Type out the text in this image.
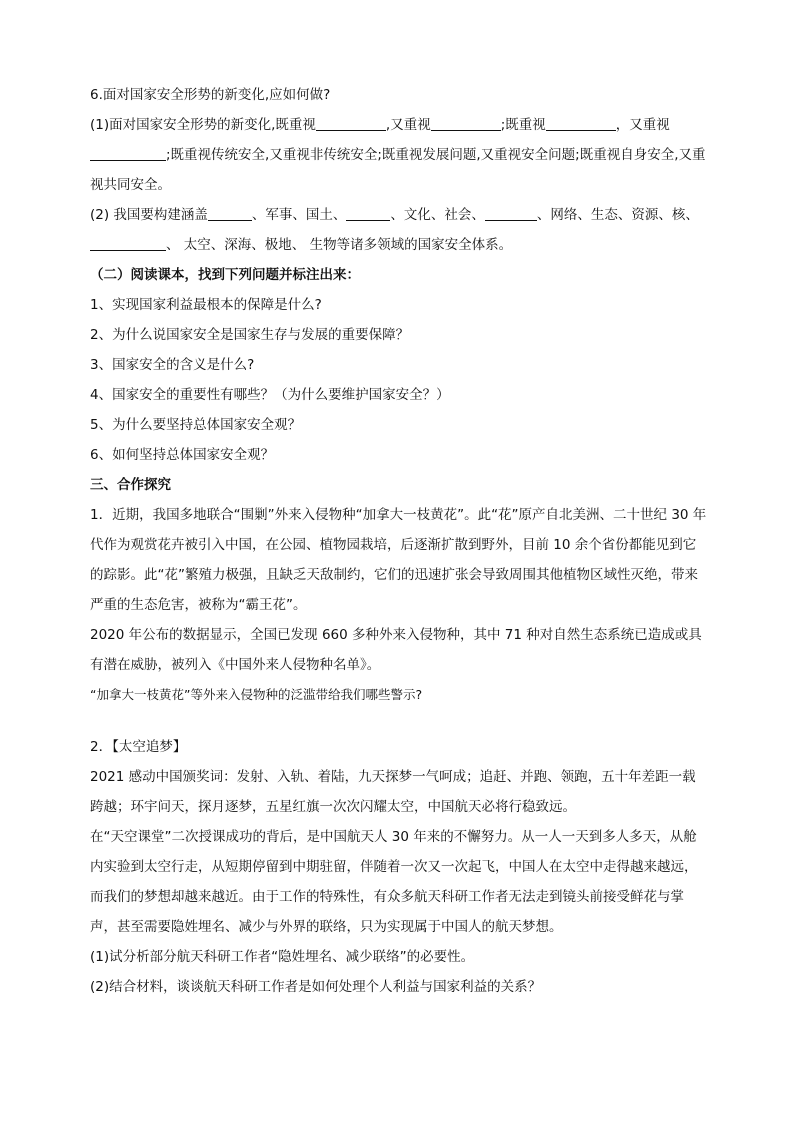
6.面对国家安全形势的新变化,应如何做?

(1)面对国家安全形势的新变化,既重视	,又重视	;既重视	，又重视;既重视传统安全,又重视非传统安全;既重视发展问题,又重视安全问题;既重视自身安全,又重视共同安全。

(2) 我国要构建涵盖	、军事、国土、	、文化、社会、	、网络、生态、资源、核、、 太空、深海、极地、 生物等诸多领域的国家安全体系。

（二）阅读课本，找到下列问题并标注出来：

1、实现国家利益最根本的保障是什么?

2、为什么说国家安全是国家生存与发展的重要保障？

3、国家安全的含义是什么?

4、国家安全的重要性有哪些？（为什么要维护国家安全？）

5、为什么要坚持总体国家安全观？

6、如何坚持总体国家安全观？

三、合作探究

1．近期，我国多地联合“围剿”外来入侵物种“加拿大一枝黄花”。此“花”原产自北美洲、二十世纪 30 年代作为观赏花卉被引入中国，在公园、植物园栽培，后逐渐扩散到野外，目前 10 余个省份都能见到它的踪影。此“花”繁殖力极强，且缺乏天敌制约，它们的迅速扩张会导致周围其他植物区域性灭绝，带来严重的生态危害，被称为“霸王花”。

2020 年公布的数据显示，全国已发现 660 多种外来入侵物种，其中 71 种对自然生态系统已造成或具有潜在威胁，被列入《中国外来人侵物种名单》。

“加拿大一枝黄花”等外来入侵物种的泛滥带给我们哪些警示?

2．【太空追梦】

2021 感动中国颁奖词：发射、入轨、着陆，九天探梦一气呵成；追赶、并跑、领跑，五十年差距一载跨越；环宇问天，探月逐梦，五星红旗一次次闪耀太空，中国航天必将行稳致远。

在“天空课堂”二次授课成功的背后，是中国航天人 30 年来的不懈努力。从一人一天到多人多天，从舱内实验到太空行走，从短期停留到中期驻留，伴随着一次又一次起飞，中国人在太空中走得越来越远，而我们的梦想却越来越近。由于工作的特殊性，有众多航天科研工作者无法走到镜头前接受鲜花与掌声，甚至需要隐姓埋名、减少与外界的联络，只为实现属于中国人的航天梦想。

(1)试分析部分航天科研工作者“隐姓埋名、减少联络”的必要性。

(2)结合材料，谈谈航天科研工作者是如何处理个人利益与国家利益的关系？
